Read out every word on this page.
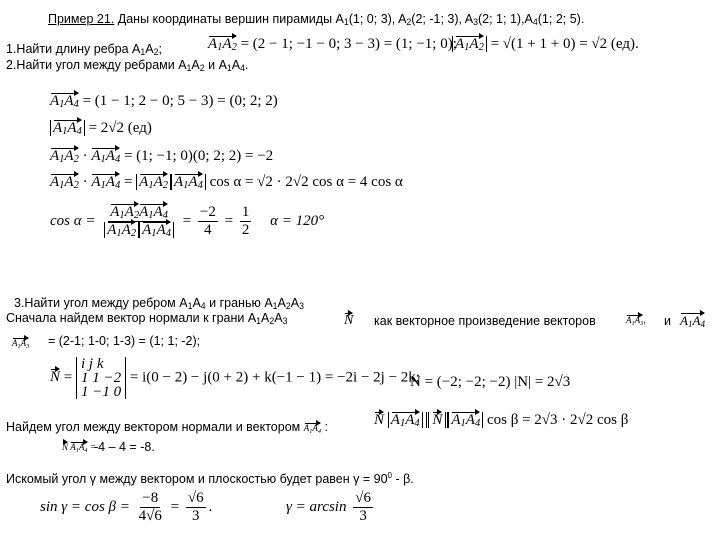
Пример 21. Даны координаты вершин пирамиды $A_1(1$; 0; 3), $A_2(2$; -1; 3), $A_3(2$; 1; $1),A_4(1$; 2; 5).
1.Найти длину ребра $A_1A_2$;
2.Найти угол между ребрами $A_1A_2$ и $A_1A_4$.
$A_1A_2 = (2 - 1$; −1 − 0; 3 − 3) = (1; −1; 0);
$A_1A_2 = √(1 + 1 + 0) = √2$ (ед).
$A_1A_4 = (1 - 1$; 2 − 0; 5 − 3) = (0; 2; 2)
$A_1A_4 = 2√2$ (ед)
$A_1A_2 \cdot A_1A_4 = (1$; −1; 0)(0; 2; 2) = −2
$A_1A_2 \cdot A_1A_4 = A_1A_2$ $A_1A_4$ cos α = √2 · 2√2 cos α = 4 cos α
$\cos \alpha = \frac{A_1A_2A_1A_4}{A_1A_2 A_1A_4} = \frac{-2}{4} = \frac{1}{2}$ α = 120°
3.Найти угол между ребром $A_1A_4$ и гранью $A_1A_2A_3$
Сначала найдем вектор нормали к грани $A_1A_2A_3$	N как векторное произведение векторов	$A_1A_3$, и $A_1A_4$
$A_1A_3 = (2-1$; 1-0; 1-3) = (1; 1; -2);
N = i j k
1 1 −2
1 −1 0 = i(0 − 2) − j(0 + 2) + k(−1 − 1) = −2i − 2j − 2k;
N = (−2; −2; −2) |N| = 2√3
Найдем угол между вектором нормали и вектором $A_1A_4$ :	N $A_1A_4$ N $A_1A_4$ cos β = 2√3 · 2√2 cos β
N $A_1A_4$ =
-4 – 4 = -8.
Искомый угол γ между вектором и плоскостью будет равен $\gamma = 90^0 - \beta$.
$\sin \gamma = \cos \beta = \frac{-8}{4√6} = \frac{√6}{3}$ .	$\gamma = \arcsin \frac{√6}{3}$
